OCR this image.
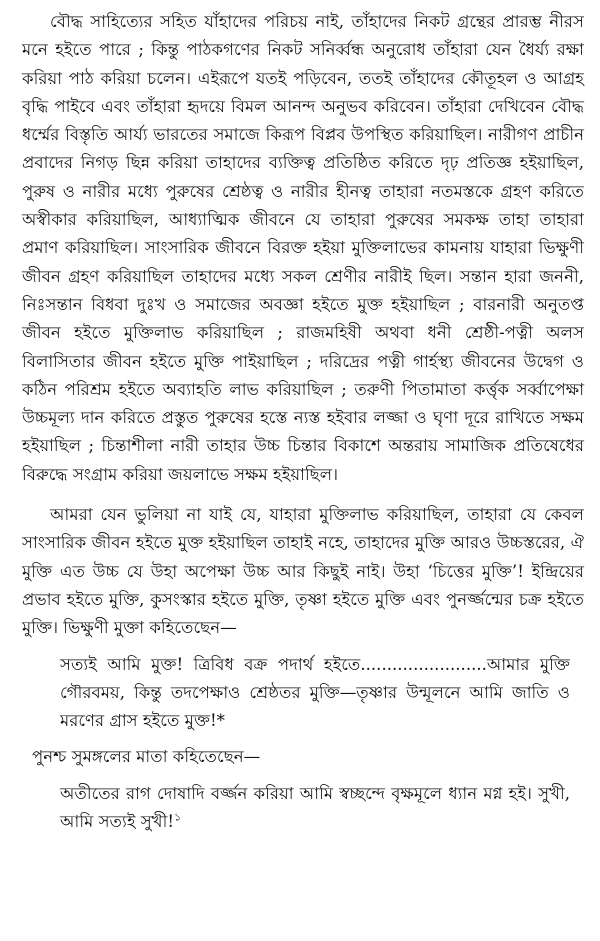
বৌদ্ধ সাহিত্যের সহিত যাঁহাদের পরিচয় নাই, তাঁহাদের নিকট গ্রন্থের প্রারম্ভ নীরস মনে হইতে পারে ; কিন্তু পাঠকগণের নিকট সনির্ব্বন্ধ অনুরোধ তাঁহারা যেন ধৈর্য্য রক্ষা করিয়া পাঠ করিয়া চলেন। এইরূপে যতই পড়িবেন, ততই তাঁহাদের কৌতূহল ও আগ্রহ বৃদ্ধি পাইবে এবং তাঁহারা হৃদয়ে বিমল আনন্দ অনুভব করিবেন। তাঁহারা দেখিবেন বৌদ্ধ ধর্ম্মের বিস্তৃতি আর্য্য ভারতের সমাজে কিরূপ বিপ্লব উপস্থিত করিয়াছিল। নারীগণ প্রাচীন প্রবাদের নিগড় ছিন্ন করিয়া তাহাদের ব্যক্তিত্ব প্রতিষ্ঠিত করিতে দৃঢ় প্রতিজ্ঞ হইয়াছিল, পুরুষ ও নারীর মধ্যে পুরুষের শ্রেষ্ঠত্ব ও নারীর হীনত্ব তাহারা নতমস্তকে গ্রহণ করিতে অস্বীকার করিয়াছিল, আধ্যাত্মিক জীবনে যে তাহারা পুরুষের সমকক্ষ তাহা তাহারা প্রমাণ করিয়াছিল। সাংসারিক জীবনে বিরক্ত হইয়া মুক্তিলাভের কামনায় যাহারা ভিক্ষুণী জীবন গ্রহণ করিয়াছিল তাহাদের মধ্যে সকল শ্রেণীর নারীই ছিল। সন্তান হারা জননী, নিঃসন্তান বিধবা দুঃখ ও সমাজের অবজ্ঞা হইতে মুক্ত হইয়াছিল ; বারনারী অনুতপ্ত জীবন হইতে মুক্তিলাভ করিয়াছিল ; রাজমহিষী অথবা ধনী শ্রেষ্ঠী-পত্নী অলস বিলাসিতার জীবন হইতে মুক্তি পাইয়াছিল ; দরিদ্রের পত্নী গার্হস্থ্য জীবনের উদ্বেগ ও কঠিন পরিশ্রম হইতে অব্যাহতি লাভ করিয়াছিল ; তরুণী পিতামাতা কর্ত্তৃক সর্ব্বাপেক্ষা উচ্চমূল্য দান করিতে প্রস্তুত পুরুষের হস্তে ন্যস্ত হইবার লজ্জা ও ঘৃণা দূরে রাখিতে সক্ষম হইয়াছিল ; চিন্তাশীলা নারী তাহার উচ্চ চিন্তার বিকাশে অন্তরায় সামাজিক প্রতিষেধের বিরুদ্ধে সংগ্রাম করিয়া জয়লাভে সক্ষম হইয়াছিল।

আমরা যেন ভুলিয়া না যাই যে, যাহারা মুক্তিলাভ করিয়াছিল, তাহারা যে কেবল সাংসারিক জীবন হইতে মুক্ত হইয়াছিল তাহাই নহে, তাহাদের মুক্তি আরও উচ্চস্তরের, ঐ মুক্তি এত উচ্চ যে উহা অপেক্ষা উচ্চ আর কিছুই নাই। উহা ‘চিত্তের মুক্তি’! ইন্দ্রিয়ের প্রভাব হইতে মুক্তি, কুসংস্কার হইতে মুক্তি, তৃষ্ণা হইতে মুক্তি এবং পুনর্জ্জন্মের চক্র হইতে মুক্তি। ভিক্ষুণী মুক্তা কহিতেছেন—

সত্যই আমি মুক্ত! ত্রিবিধ বক্র পদার্থ হইতে........................আমার মুক্তি গৌরবময়, কিন্তু তদপেক্ষাও শ্রেষ্ঠতর মুক্তি—তৃষ্ণার উন্মূলনে আমি জাতি ও মরণের গ্রাস হইতে মুক্ত!*

পুনশ্চ সুমঙ্গলের মাতা কহিতেছেন—

অতীতের রাগ দোষাদি বর্জ্জন করিয়া আমি স্বচ্ছন্দে বৃক্ষমূলে ধ্যান মগ্ন হই। সুখী, আমি সত্যই সুখী!$^১$
